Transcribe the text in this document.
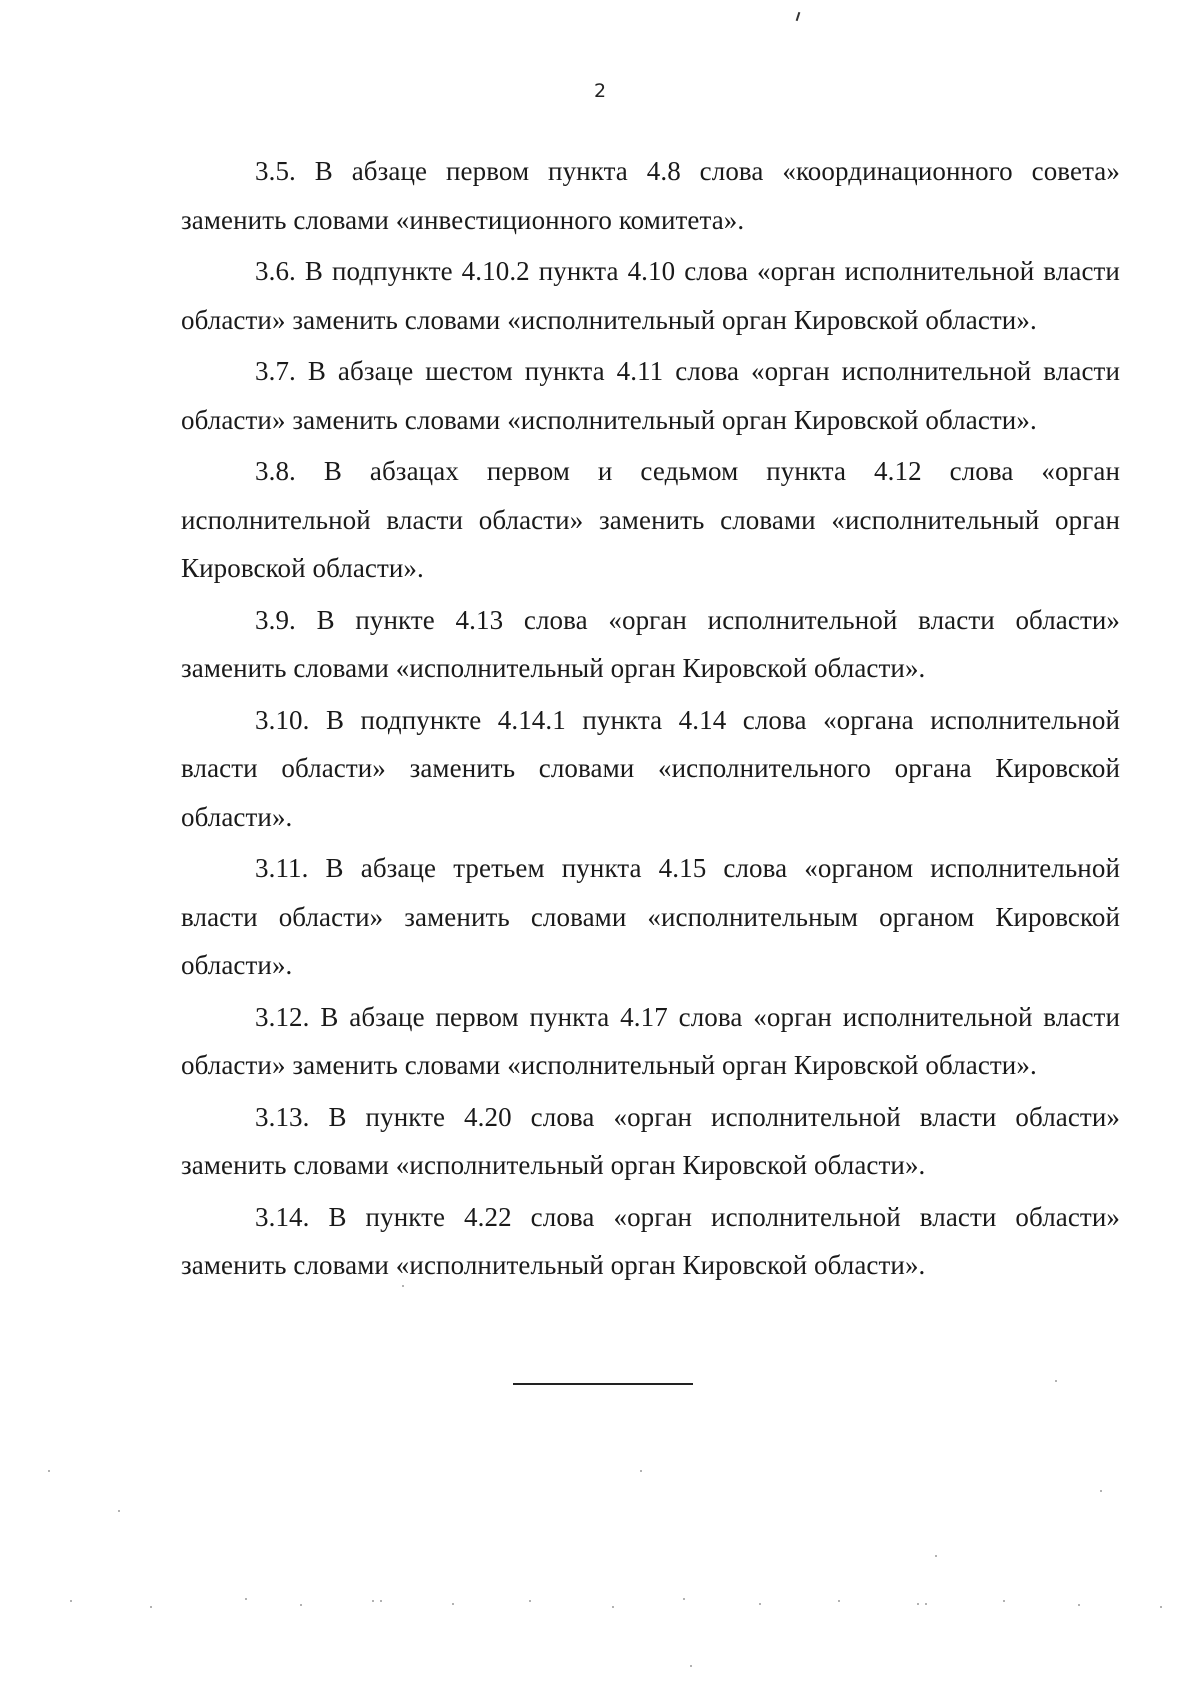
2

3.5. В абзаце первом пункта 4.8 слова «координационного совета» заменить словами «инвестиционного комитета».

3.6. В подпункте 4.10.2 пункта 4.10 слова «орган исполнительной власти области» заменить словами «исполнительный орган Кировской области».

3.7. В абзаце шестом пункта 4.11 слова «орган исполнительной власти области» заменить словами «исполнительный орган Кировской области».

3.8. В абзацах первом и седьмом пункта 4.12 слова «орган исполнительной власти области» заменить словами «исполнительный орган Кировской области».

3.9. В пункте 4.13 слова «орган исполнительной власти области» заменить словами «исполнительный орган Кировской области».

3.10. В подпункте 4.14.1 пункта 4.14 слова «органа исполнительной власти области» заменить словами «исполнительного органа Кировской области».

3.11. В абзаце третьем пункта 4.15 слова «органом исполнительной власти области» заменить словами «исполнительным органом Кировской области».

3.12. В абзаце первом пункта 4.17 слова «орган исполнительной власти области» заменить словами «исполнительный орган Кировской области».

3.13. В пункте 4.20 слова «орган исполнительной власти области» заменить словами «исполнительный орган Кировской области».

3.14. В пункте 4.22 слова «орган исполнительной власти области» заменить словами «исполнительный орган Кировской области».
